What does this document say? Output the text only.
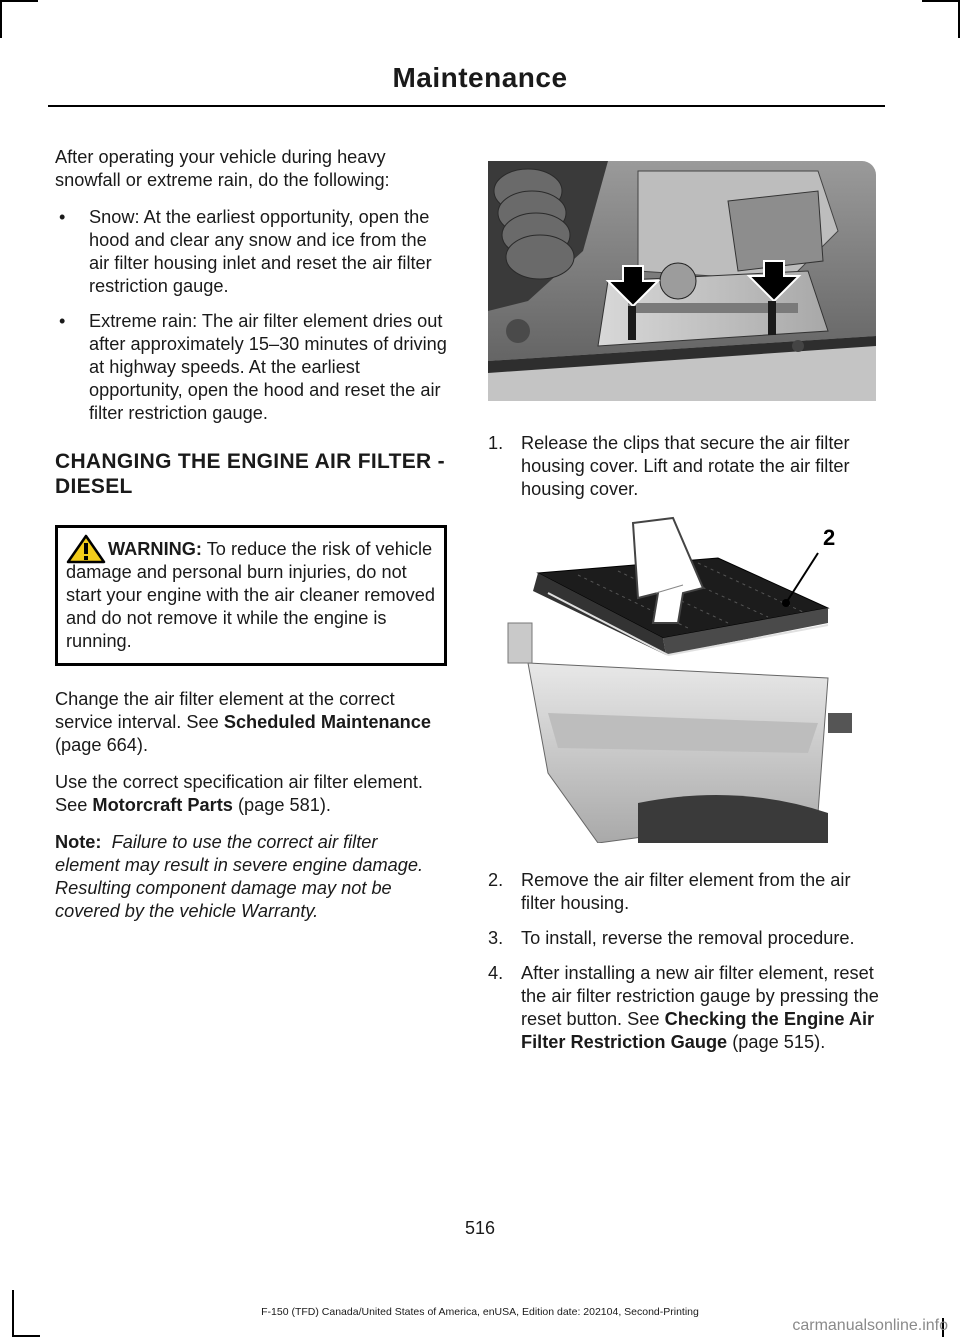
Maintenance

After operating your vehicle during heavy snowfall or extreme rain, do the following:

• Snow: At the earliest opportunity, open the hood and clear any snow and ice from the air filter housing inlet and reset the air filter restriction gauge.
• Extreme rain: The air filter element dries out after approximately 15–30 minutes of driving at highway speeds. At the earliest opportunity, open the hood and reset the air filter restriction gauge.
CHANGING THE ENGINE AIR FILTER - DIESEL
WARNING: To reduce the risk of vehicle damage and personal burn injuries, do not start your engine with the air cleaner removed and do not remove it while the engine is running.

Change the air filter element at the correct service interval. See Scheduled Maintenance (page 664).

Use the correct specification air filter element. See Motorcraft Parts (page 581).

Note: Failure to use the correct air filter element may result in severe engine damage. Resulting component damage may not be covered by the vehicle Warranty.

1. Release the clips that secure the air filter housing cover. Lift and rotate the air filter housing cover.
2
2. Remove the air filter element from the air filter housing.
3. To install, reverse the removal procedure.
4. After installing a new air filter element, reset the air filter restriction gauge by pressing the reset button. See Checking the Engine Air Filter Restriction Gauge (page 515).
516
F-150 (TFD) Canada/United States of America, enUSA, Edition date: 202104, Second-Printing
carmanualsonline.info
